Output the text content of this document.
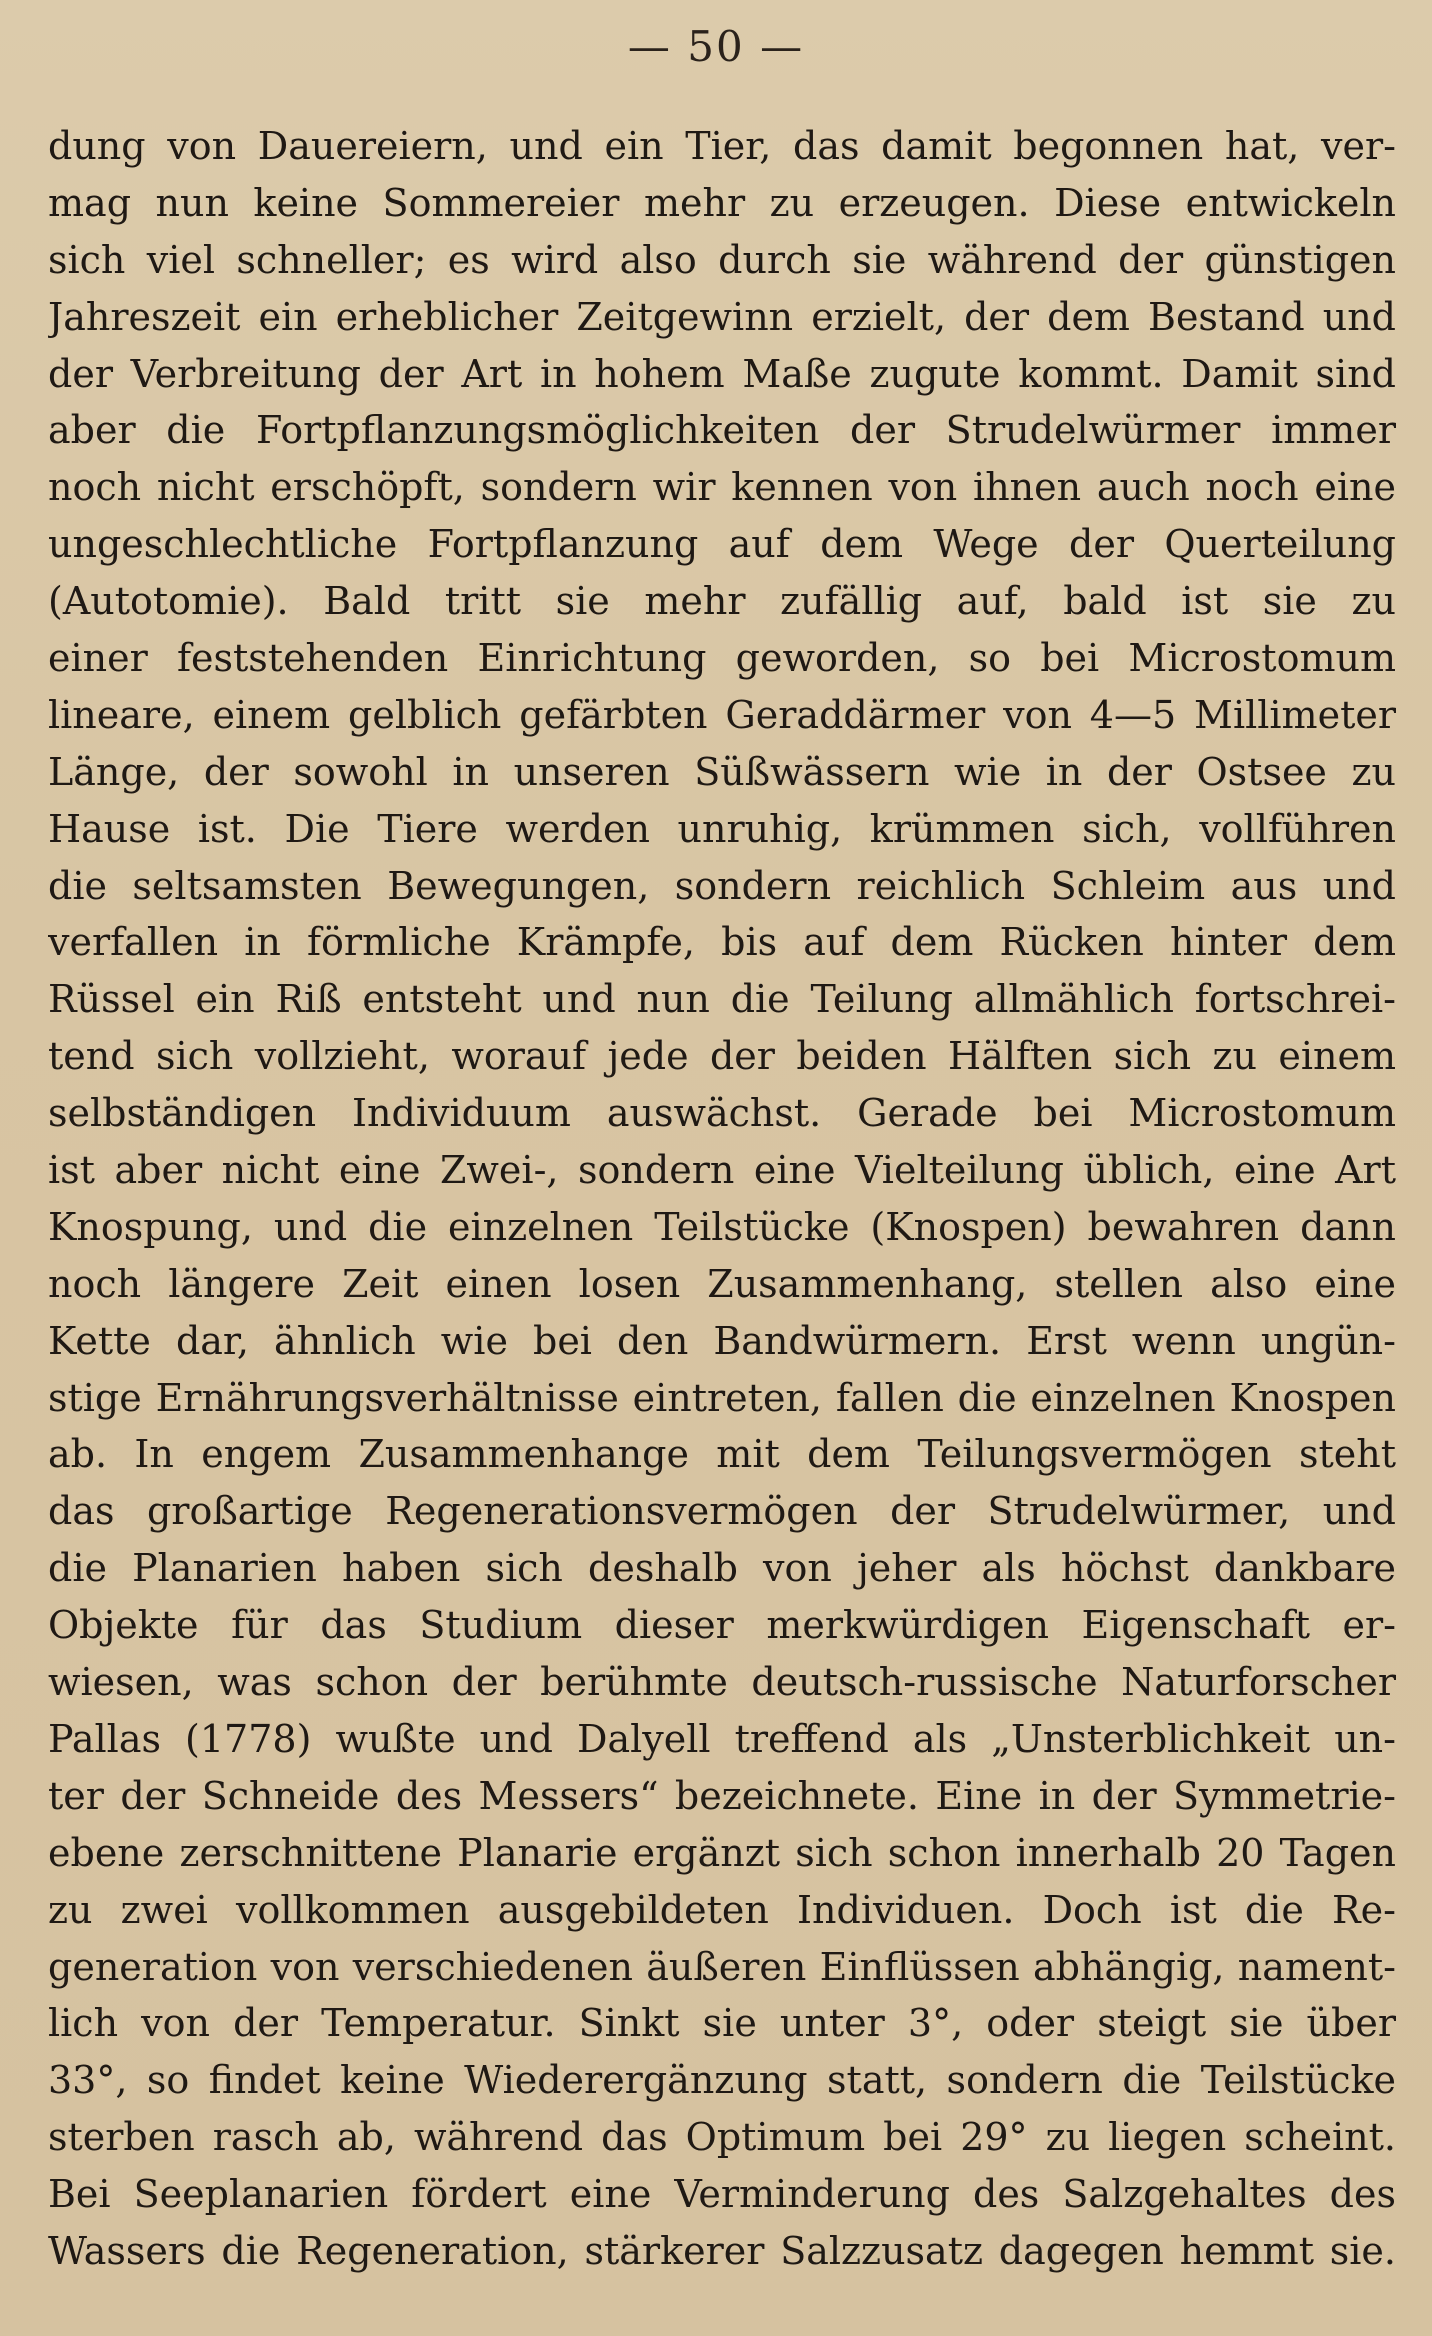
— 50 —
dung von Dauereiern, und ein Tier, das damit begonnen hat, ver-
mag nun keine Sommereier mehr zu erzeugen. Diese entwickeln
sich viel schneller; es wird also durch sie während der günstigen
Jahreszeit ein erheblicher Zeitgewinn erzielt, der dem Bestand und
der Verbreitung der Art in hohem Maße zugute kommt. Damit sind
aber die Fortpflanzungsmöglichkeiten der Strudelwürmer immer
noch nicht erschöpft, sondern wir kennen von ihnen auch noch eine
ungeschlechtliche Fortpflanzung auf dem Wege der Querteilung
(Autotomie). Bald tritt sie mehr zufällig auf, bald ist sie zu
einer feststehenden Einrichtung geworden, so bei Microstomum
lineare, einem gelblich gefärbten Geraddärmer von 4—5 Millimeter
Länge, der sowohl in unseren Süßwässern wie in der Ostsee zu
Hause ist. Die Tiere werden unruhig, krümmen sich, vollführen
die seltsamsten Bewegungen, sondern reichlich Schleim aus und
verfallen in förmliche Krämpfe, bis auf dem Rücken hinter dem
Rüssel ein Riß entsteht und nun die Teilung allmählich fortschrei-
tend sich vollzieht, worauf jede der beiden Hälften sich zu einem
selbständigen Individuum auswächst. Gerade bei Microstomum
ist aber nicht eine Zwei-, sondern eine Vielteilung üblich, eine Art
Knospung, und die einzelnen Teilstücke (Knospen) bewahren dann
noch längere Zeit einen losen Zusammenhang, stellen also eine
Kette dar, ähnlich wie bei den Bandwürmern. Erst wenn ungün-
stige Ernährungsverhältnisse eintreten, fallen die einzelnen Knospen
ab. In engem Zusammenhange mit dem Teilungsvermögen steht
das großartige Regenerationsvermögen der Strudelwürmer, und
die Planarien haben sich deshalb von jeher als höchst dankbare
Objekte für das Studium dieser merkwürdigen Eigenschaft er-
wiesen, was schon der berühmte deutsch-russische Naturforscher
Pallas (1778) wußte und Dalyell treffend als „Unsterblichkeit un-
ter der Schneide des Messers“ bezeichnete. Eine in der Symmetrie-
ebene zerschnittene Planarie ergänzt sich schon innerhalb 20 Tagen
zu zwei vollkommen ausgebildeten Individuen. Doch ist die Re-
generation von verschiedenen äußeren Einflüssen abhängig, nament-
lich von der Temperatur. Sinkt sie unter 3°, oder steigt sie über
33°, so findet keine Wiederergänzung statt, sondern die Teilstücke
sterben rasch ab, während das Optimum bei 29° zu liegen scheint.
Bei Seeplanarien fördert eine Verminderung des Salzgehaltes des
Wassers die Regeneration, stärkerer Salzzusatz dagegen hemmt sie.
